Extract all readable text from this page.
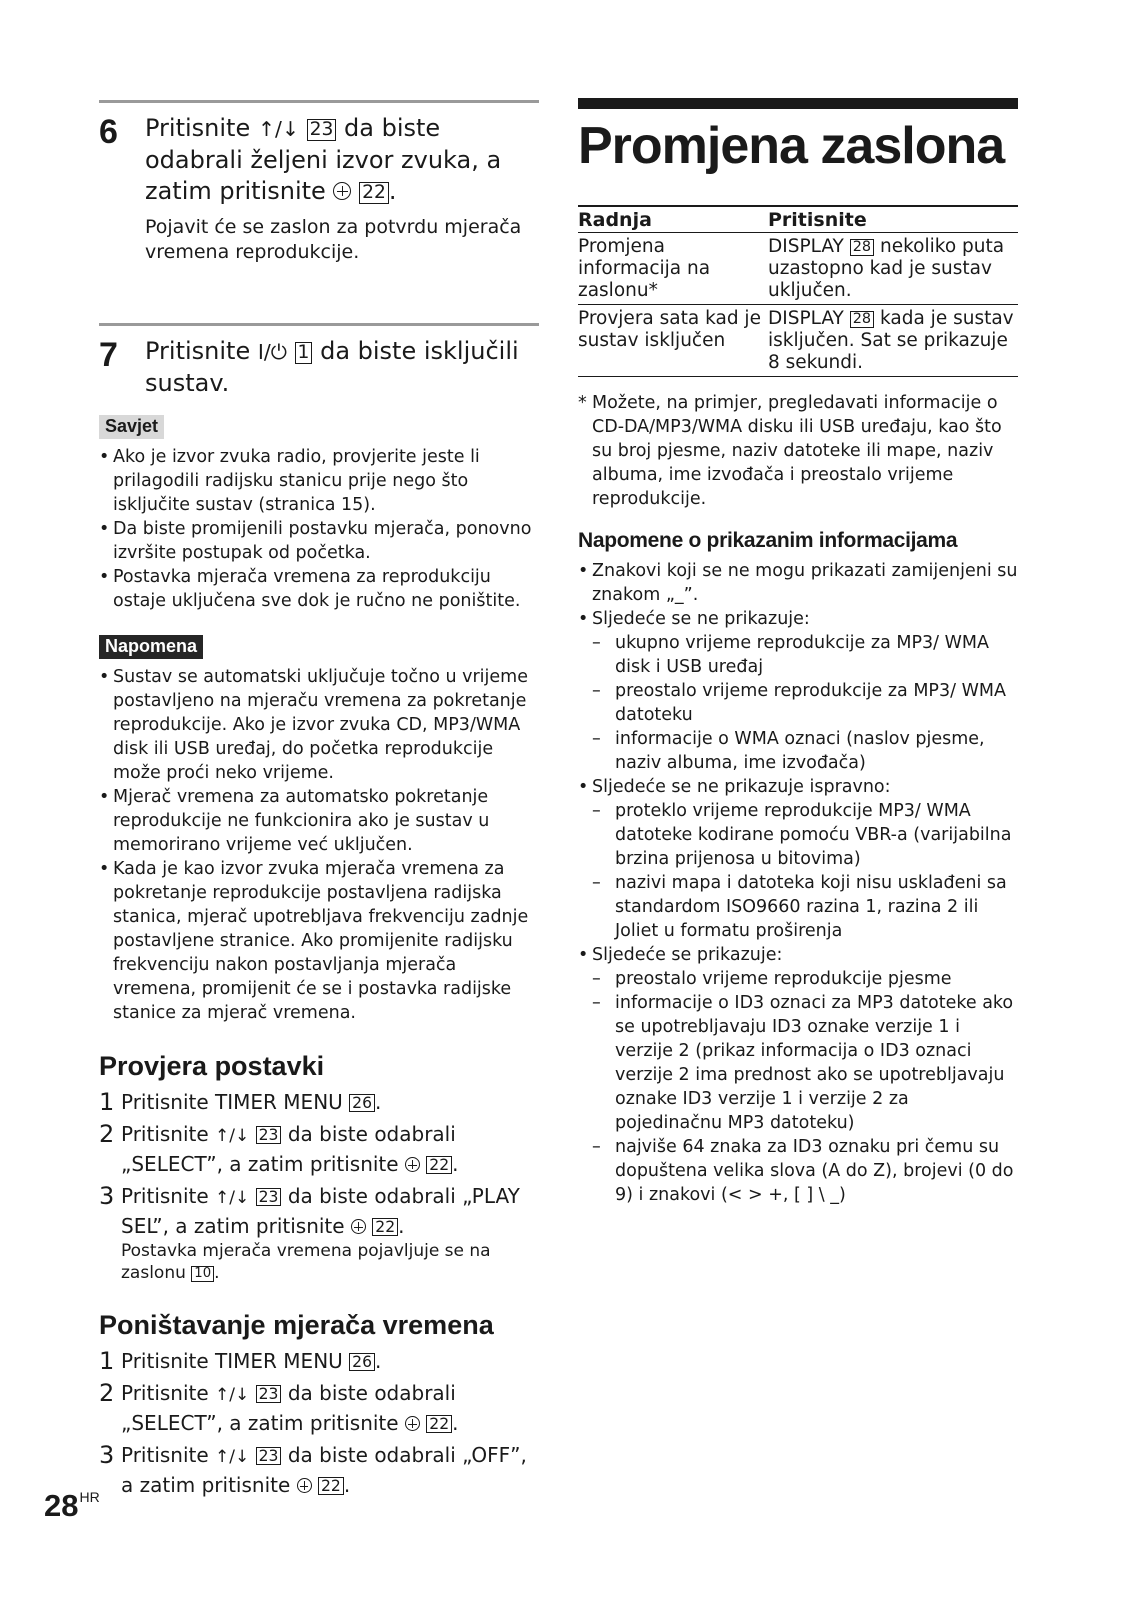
6	Pritisnite ↑/↓ 23 da biste odabrali željeni izvor zvuka, a zatim pritisnite 22 .
Pojavit će se zaslon za potvrdu mjerača vremena reprodukcije.
7	Pritisnite I/⏻ 1 da biste isključili sustav.
Savjet
• Ako je izvor zvuka radio, provjerite jeste li prilagodili radijsku stanicu prije nego što isključite sustav (stranica 15).
• Da biste promijenili postavku mjerača, ponovno izvršite postupak od početka.
• Postavka mjerača vremena za reprodukciju ostaje uključena sve dok je ručno ne poništite.
Napomena
• Sustav se automatski uključuje točno u vrijeme postavljeno na mjeraču vremena za pokretanje reprodukcije. Ako je izvor zvuka CD, MP3/WMA disk ili USB uređaj, do početka reprodukcije može proći neko vrijeme.
• Mjerač vremena za automatsko pokretanje reprodukcije ne funkcionira ako je sustav u memorirano vrijeme već uključen.
• Kada je kao izvor zvuka mjerača vremena za pokretanje reprodukcije postavljena radijska stanica, mjerač upotrebljava frekvenciju zadnje postavljene stranice. Ako promijenite radijsku frekvenciju nakon postavljanja mjerača vremena, promijenit će se i postavka radijske stanice za mjerač vremena.
Provjera postavki
1 Pritisnite TIMER MENU 26 .
2 Pritisnite ↑/↓ 23 da biste odabrali „SELECT”, a zatim pritisnite 22 .
3 Pritisnite ↑/↓ 23 da biste odabrali „PLAY SEL”, a zatim pritisnite 22 .
Postavka mjerača vremena pojavljuje se na zaslonu 10 .
Poništavanje mjerača vremena
1 Pritisnite TIMER MENU 26 .
2 Pritisnite ↑/↓ 23 da biste odabrali „SELECT”, a zatim pritisnite 22 .
3 Pritisnite ↑/↓ 23 da biste odabrali „OFF”, a zatim pritisnite 22 .
Promjena zaslona
Radnja	Pritisnite
Promjena informacija na zaslonu*	DISPLAY 28 nekoliko puta uzastopno kad je sustav uključen.
Provjera sata kad je sustav isključen	DISPLAY 28 kada je sustav isključen. Sat se prikazuje 8 sekundi.
* Možete, na primjer, pregledavati informacije o CD-DA/MP3/WMA disku ili USB uređaju, kao što su broj pjesme, naziv datoteke ili mape, naziv albuma, ime izvođača i preostalo vrijeme reprodukcije.
Napomene o prikazanim informacijama
• Znakovi koji se ne mogu prikazati zamijenjeni su znakom „_”.
• Sljedeće se ne prikazuje:
– ukupno vrijeme reprodukcije za MP3/ WMA disk i USB uređaj
– preostalo vrijeme reprodukcije za MP3/ WMA datoteku
– informacije o WMA oznaci (naslov pjesme, naziv albuma, ime izvođača)
• Sljedeće se ne prikazuje ispravno:
– proteklo vrijeme reprodukcije MP3/ WMA datoteke kodirane pomoću VBR-a (varijabilna brzina prijenosa u bitovima)
– nazivi mapa i datoteka koji nisu usklađeni sa standardom ISO9660 razina 1, razina 2 ili Joliet u formatu proširenja
• Sljedeće se prikazuje:
– preostalo vrijeme reprodukcije pjesme
– informacije o ID3 oznaci za MP3 datoteke ako se upotrebljavaju ID3 oznake verzije 1 i verzije 2 (prikaz informacija o ID3 oznaci verzije 2 ima prednost ako se upotrebljavaju oznake ID3 verzije 1 i verzije 2 za pojedinačnu MP3 datoteku)
– najviše 64 znaka za ID3 oznaku pri čemu su dopuštena velika slova (A do Z), brojevi (0 do 9) i znakovi (< > +, [ ] \ _)
$28^{HR}$
